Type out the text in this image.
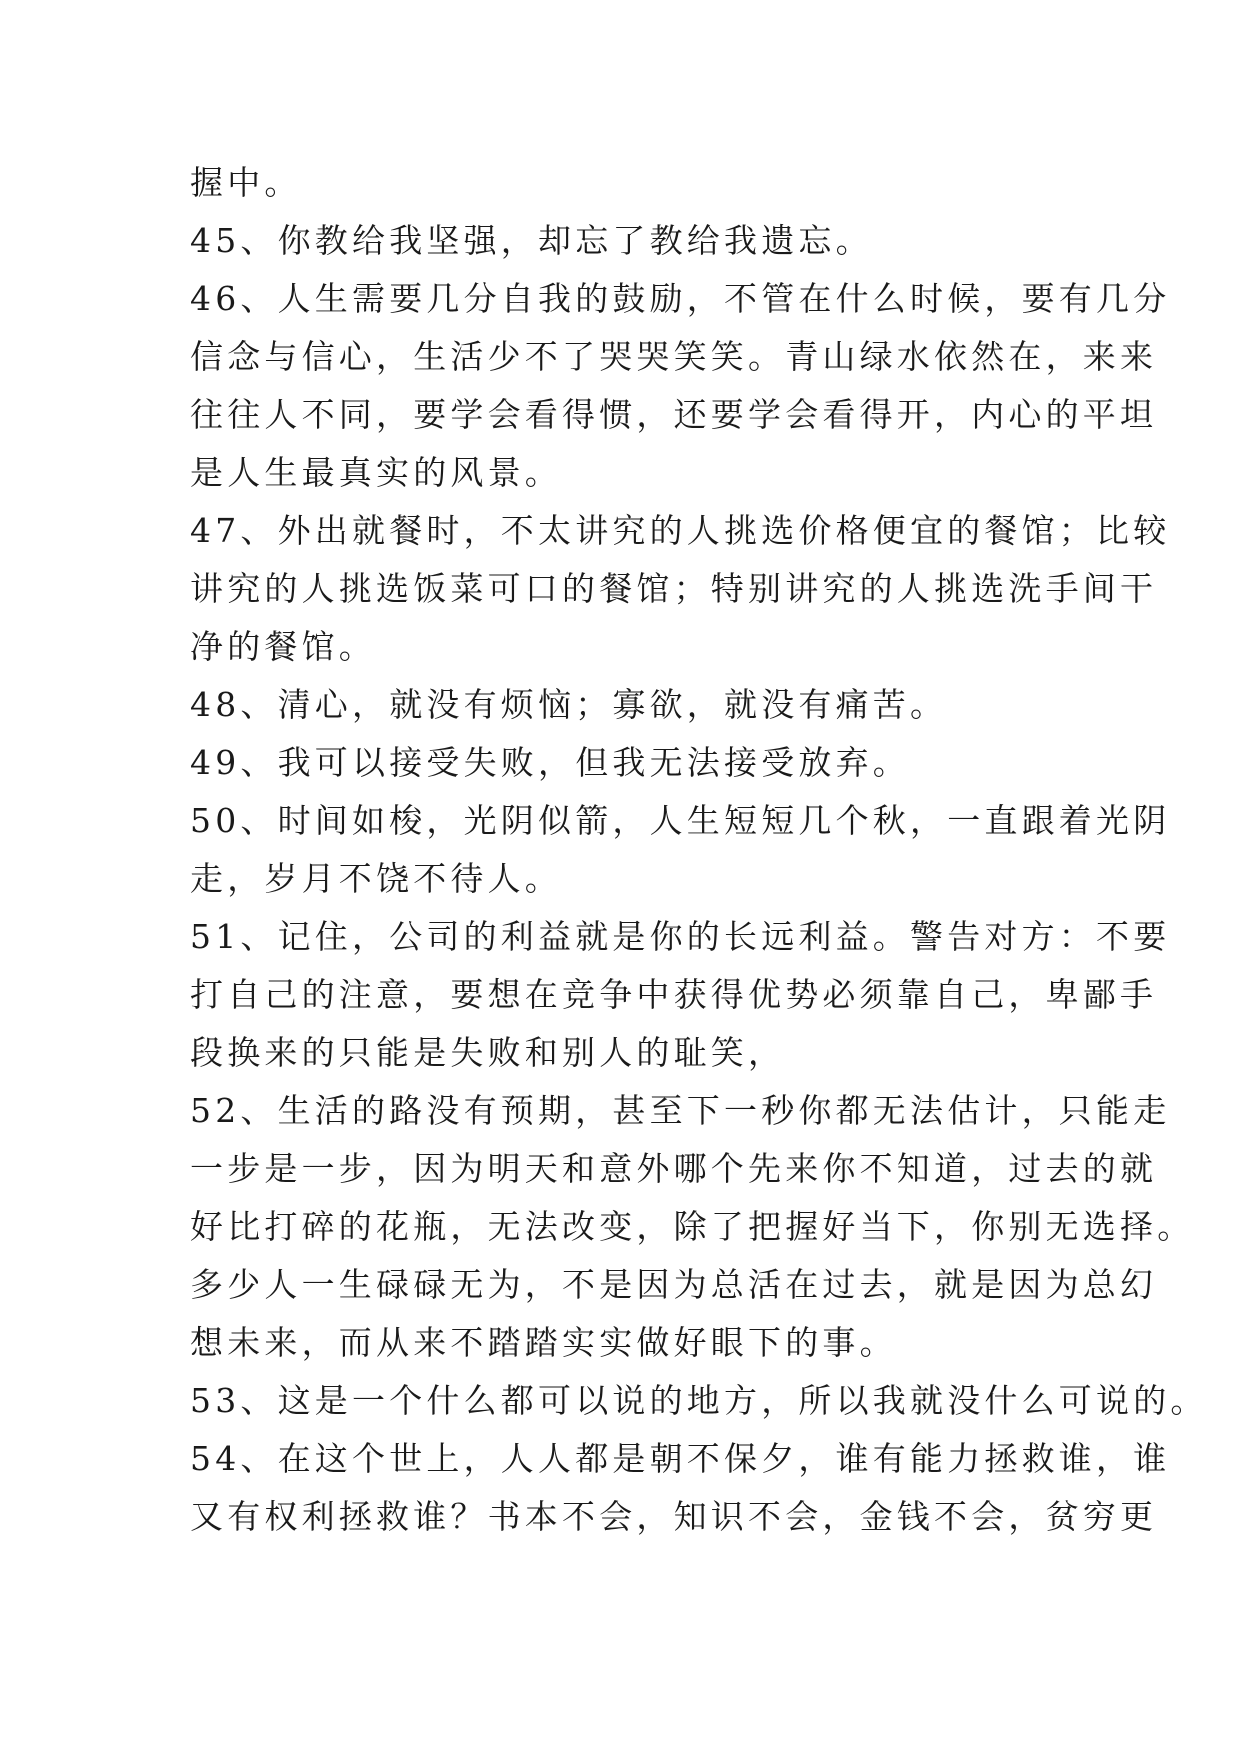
握中。
45、你教给我坚强，却忘了教给我遗忘。
46、人生需要几分自我的鼓励，不管在什么时候，要有几分
信念与信心，生活少不了哭哭笑笑。青山绿水依然在，来来
往往人不同，要学会看得惯，还要学会看得开，内心的平坦
是人生最真实的风景。
47、外出就餐时，不太讲究的人挑选价格便宜的餐馆；比较
讲究的人挑选饭菜可口的餐馆；特别讲究的人挑选洗手间干
净的餐馆。
48、清心，就没有烦恼；寡欲，就没有痛苦。
49、我可以接受失败，但我无法接受放弃。
50、时间如梭，光阴似箭，人生短短几个秋，一直跟着光阴
走，岁月不饶不待人。
51、记住，公司的利益就是你的长远利益。警告对方：不要
打自己的注意，要想在竞争中获得优势必须靠自己，卑鄙手
段换来的只能是失败和别人的耻笑，
52、生活的路没有预期，甚至下一秒你都无法估计，只能走
一步是一步，因为明天和意外哪个先来你不知道，过去的就
好比打碎的花瓶，无法改变，除了把握好当下，你别无选择。
多少人一生碌碌无为，不是因为总活在过去，就是因为总幻
想未来，而从来不踏踏实实做好眼下的事。
53、这是一个什么都可以说的地方，所以我就没什么可说的。
54、在这个世上，人人都是朝不保夕，谁有能力拯救谁，谁
又有权利拯救谁？书本不会，知识不会，金钱不会，贫穷更
